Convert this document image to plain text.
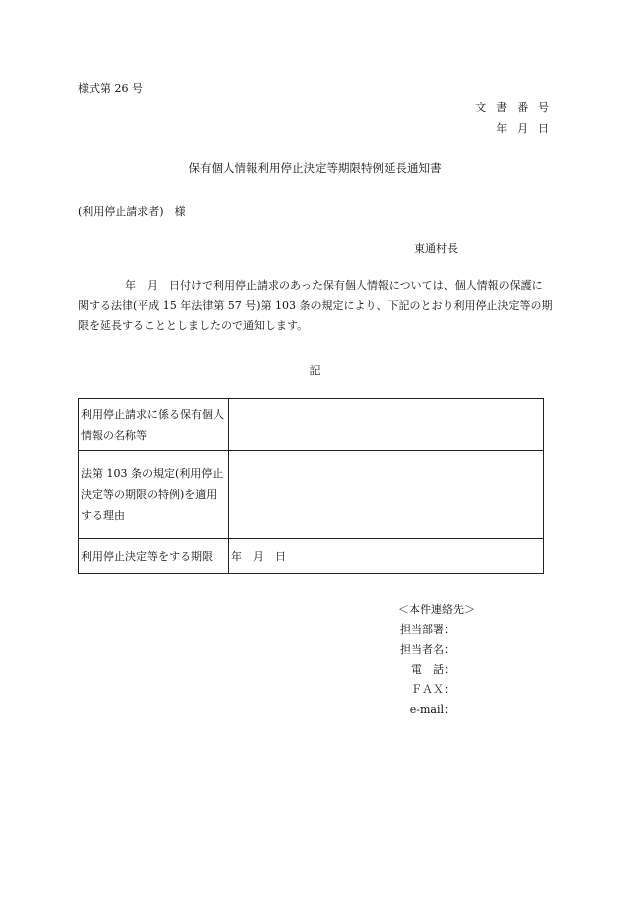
様式第 26 号
文書番号
年月日
保有個人情報利用停止決定等期限特例延長通知書
(利用停止請求者)　様
東通村長
年　月　日付けで利用停止請求のあった保有個人情報については、個人情報の保護に関する法律(平成 15 年法律第 57 号)第 103 条の規定により、下記のとおり利用停止決定等の期限を延長することとしましたので通知します。
記
利用停止請求に係る保有個人情報の名称等	
法第 103 条の規定(利用停止決定等の期限の特例)を適用する理由	
利用停止決定等をする期限	年　月　日
＜本件連絡先＞
担当部署：
担当者名：
電　話：
ＦＡＸ：
e-mail：
